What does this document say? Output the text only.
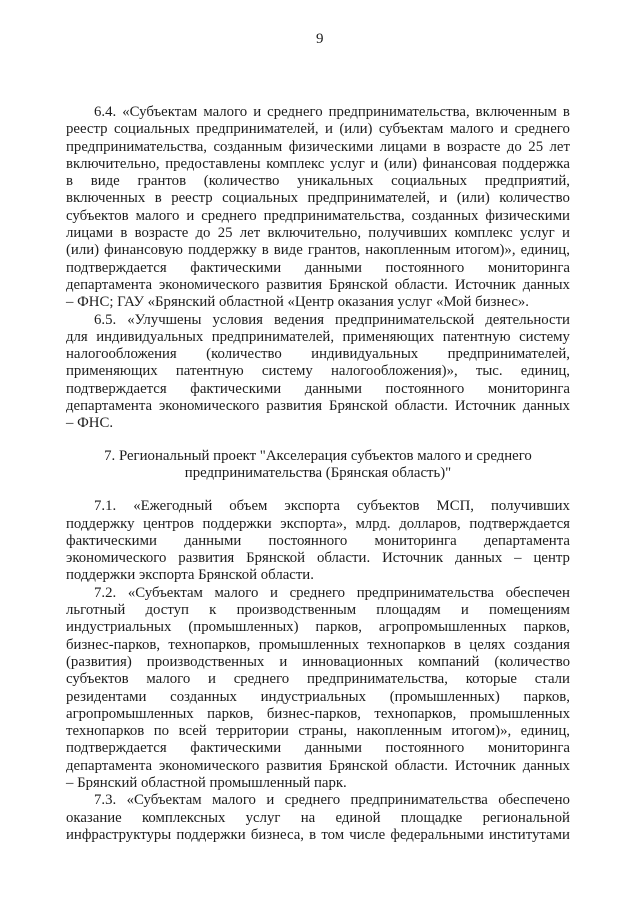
9
6.4. «Субъектам малого и среднего предпринимательства, включенным в
реестр социальных предпринимателей, и (или) субъектам малого и среднего
предпринимательства, созданным физическими лицами в возрасте до 25 лет
включительно, предоставлены комплекс услуг и (или) финансовая поддержка
в виде грантов (количество уникальных социальных предприятий,
включенных в реестр социальных предпринимателей, и (или) количество
субъектов малого и среднего предпринимательства, созданных физическими
лицами в возрасте до 25 лет включительно, получивших комплекс услуг и
(или) финансовую поддержку в виде грантов, накопленным итогом)», единиц,
подтверждается фактическими данными постоянного мониторинга
департамента экономического развития Брянской области. Источник данных
– ФНС; ГАУ «Брянский областной «Центр оказания услуг «Мой бизнес».
6.5. «Улучшены условия ведения предпринимательской деятельности
для индивидуальных предпринимателей, применяющих патентную систему
налогообложения (количество индивидуальных предпринимателей,
применяющих патентную систему налогообложения)», тыс. единиц,
подтверждается фактическими данными постоянного мониторинга
департамента экономического развития Брянской области. Источник данных
– ФНС.
7. Региональный проект "Акселерация субъектов малого и среднего
предпринимательства (Брянская область)"
7.1. «Ежегодный объем экспорта субъектов МСП, получивших
поддержку центров поддержки экспорта», млрд. долларов, подтверждается
фактическими данными постоянного мониторинга департамента
экономического развития Брянской области. Источник данных – центр
поддержки экспорта Брянской области.
7.2. «Субъектам малого и среднего предпринимательства обеспечен
льготный доступ к производственным площадям и помещениям
индустриальных (промышленных) парков, агропромышленных парков,
бизнес-парков, технопарков, промышленных технопарков в целях создания
(развития) производственных и инновационных компаний (количество
субъектов малого и среднего предпринимательства, которые стали
резидентами созданных индустриальных (промышленных) парков,
агропромышленных парков, бизнес-парков, технопарков, промышленных
технопарков по всей территории страны, накопленным итогом)», единиц,
подтверждается фактическими данными постоянного мониторинга
департамента экономического развития Брянской области. Источник данных
– Брянский областной промышленный парк.
7.3. «Субъектам малого и среднего предпринимательства обеспечено
оказание комплексных услуг на единой площадке региональной
инфраструктуры поддержки бизнеса, в том числе федеральными институтами
